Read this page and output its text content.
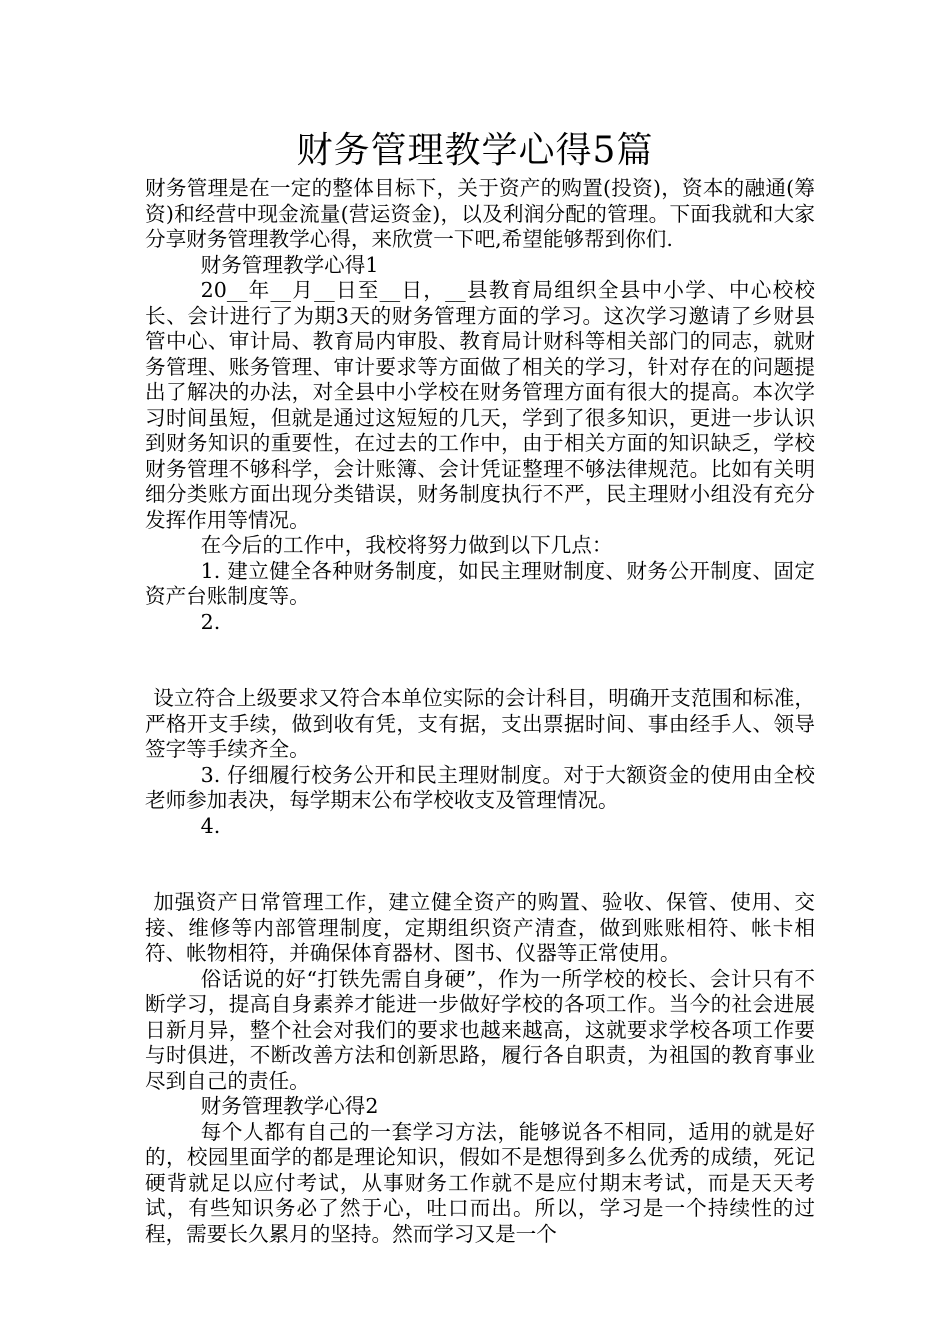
财务管理教学心得5篇

财务管理是在一定的整体目标下，关于资产的购置(投资)，资本的融通(筹资)和经营中现金流量(营运资金)，以及利润分配的管理。下面我就和大家分享财务管理教学心得，来欣赏一下吧,希望能够帮到你们.

财务管理教学心得1

20__年__月__日至__日，__县教育局组织全县中小学、中心校校长、会计进行了为期3天的财务管理方面的学习。这次学习邀请了乡财县管中心、审计局、教育局内审股、教育局计财科等相关部门的同志，就财务管理、账务管理、审计要求等方面做了相关的学习，针对存在的问题提出了解决的办法，对全县中小学校在财务管理方面有很大的提高。本次学习时间虽短，但就是通过这短短的几天，学到了很多知识，更进一步认识到财务知识的重要性，在过去的工作中，由于相关方面的知识缺乏，学校财务管理不够科学，会计账簿、会计凭证整理不够法律规范。比如有关明细分类账方面出现分类错误，财务制度执行不严，民主理财小组没有充分发挥作用等情况。

在今后的工作中，我校将努力做到以下几点：

1. 建立健全各种财务制度，如民主理财制度、财务公开制度、固定资产台账制度等。

2.

设立符合上级要求又符合本单位实际的会计科目，明确开支范围和标准，严格开支手续，做到收有凭，支有据，支出票据时间、事由经手人、领导签字等手续齐全。

3. 仔细履行校务公开和民主理财制度。对于大额资金的使用由全校老师参加表决，每学期末公布学校收支及管理情况。

4.

加强资产日常管理工作，建立健全资产的购置、验收、保管、使用、交接、维修等内部管理制度，定期组织资产清查，做到账账相符、帐卡相符、帐物相符，并确保体育器材、图书、仪器等正常使用。

俗话说的好“打铁先需自身硬”，作为一所学校的校长、会计只有不断学习，提高自身素养才能进一步做好学校的各项工作。当今的社会进展日新月异，整个社会对我们的要求也越来越高，这就要求学校各项工作要与时俱进，不断改善方法和创新思路，履行各自职责，为祖国的教育事业尽到自己的责任。

财务管理教学心得2

每个人都有自己的一套学习方法，能够说各不相同，适用的就是好的，校园里面学的都是理论知识，假如不是想得到多么优秀的成绩，死记硬背就足以应付考试，从事财务工作就不是应付期末考试，而是天天考试，有些知识务必了然于心，吐口而出。所以，学习是一个持续性的过程，需要长久累月的坚持。然而学习又是一个
